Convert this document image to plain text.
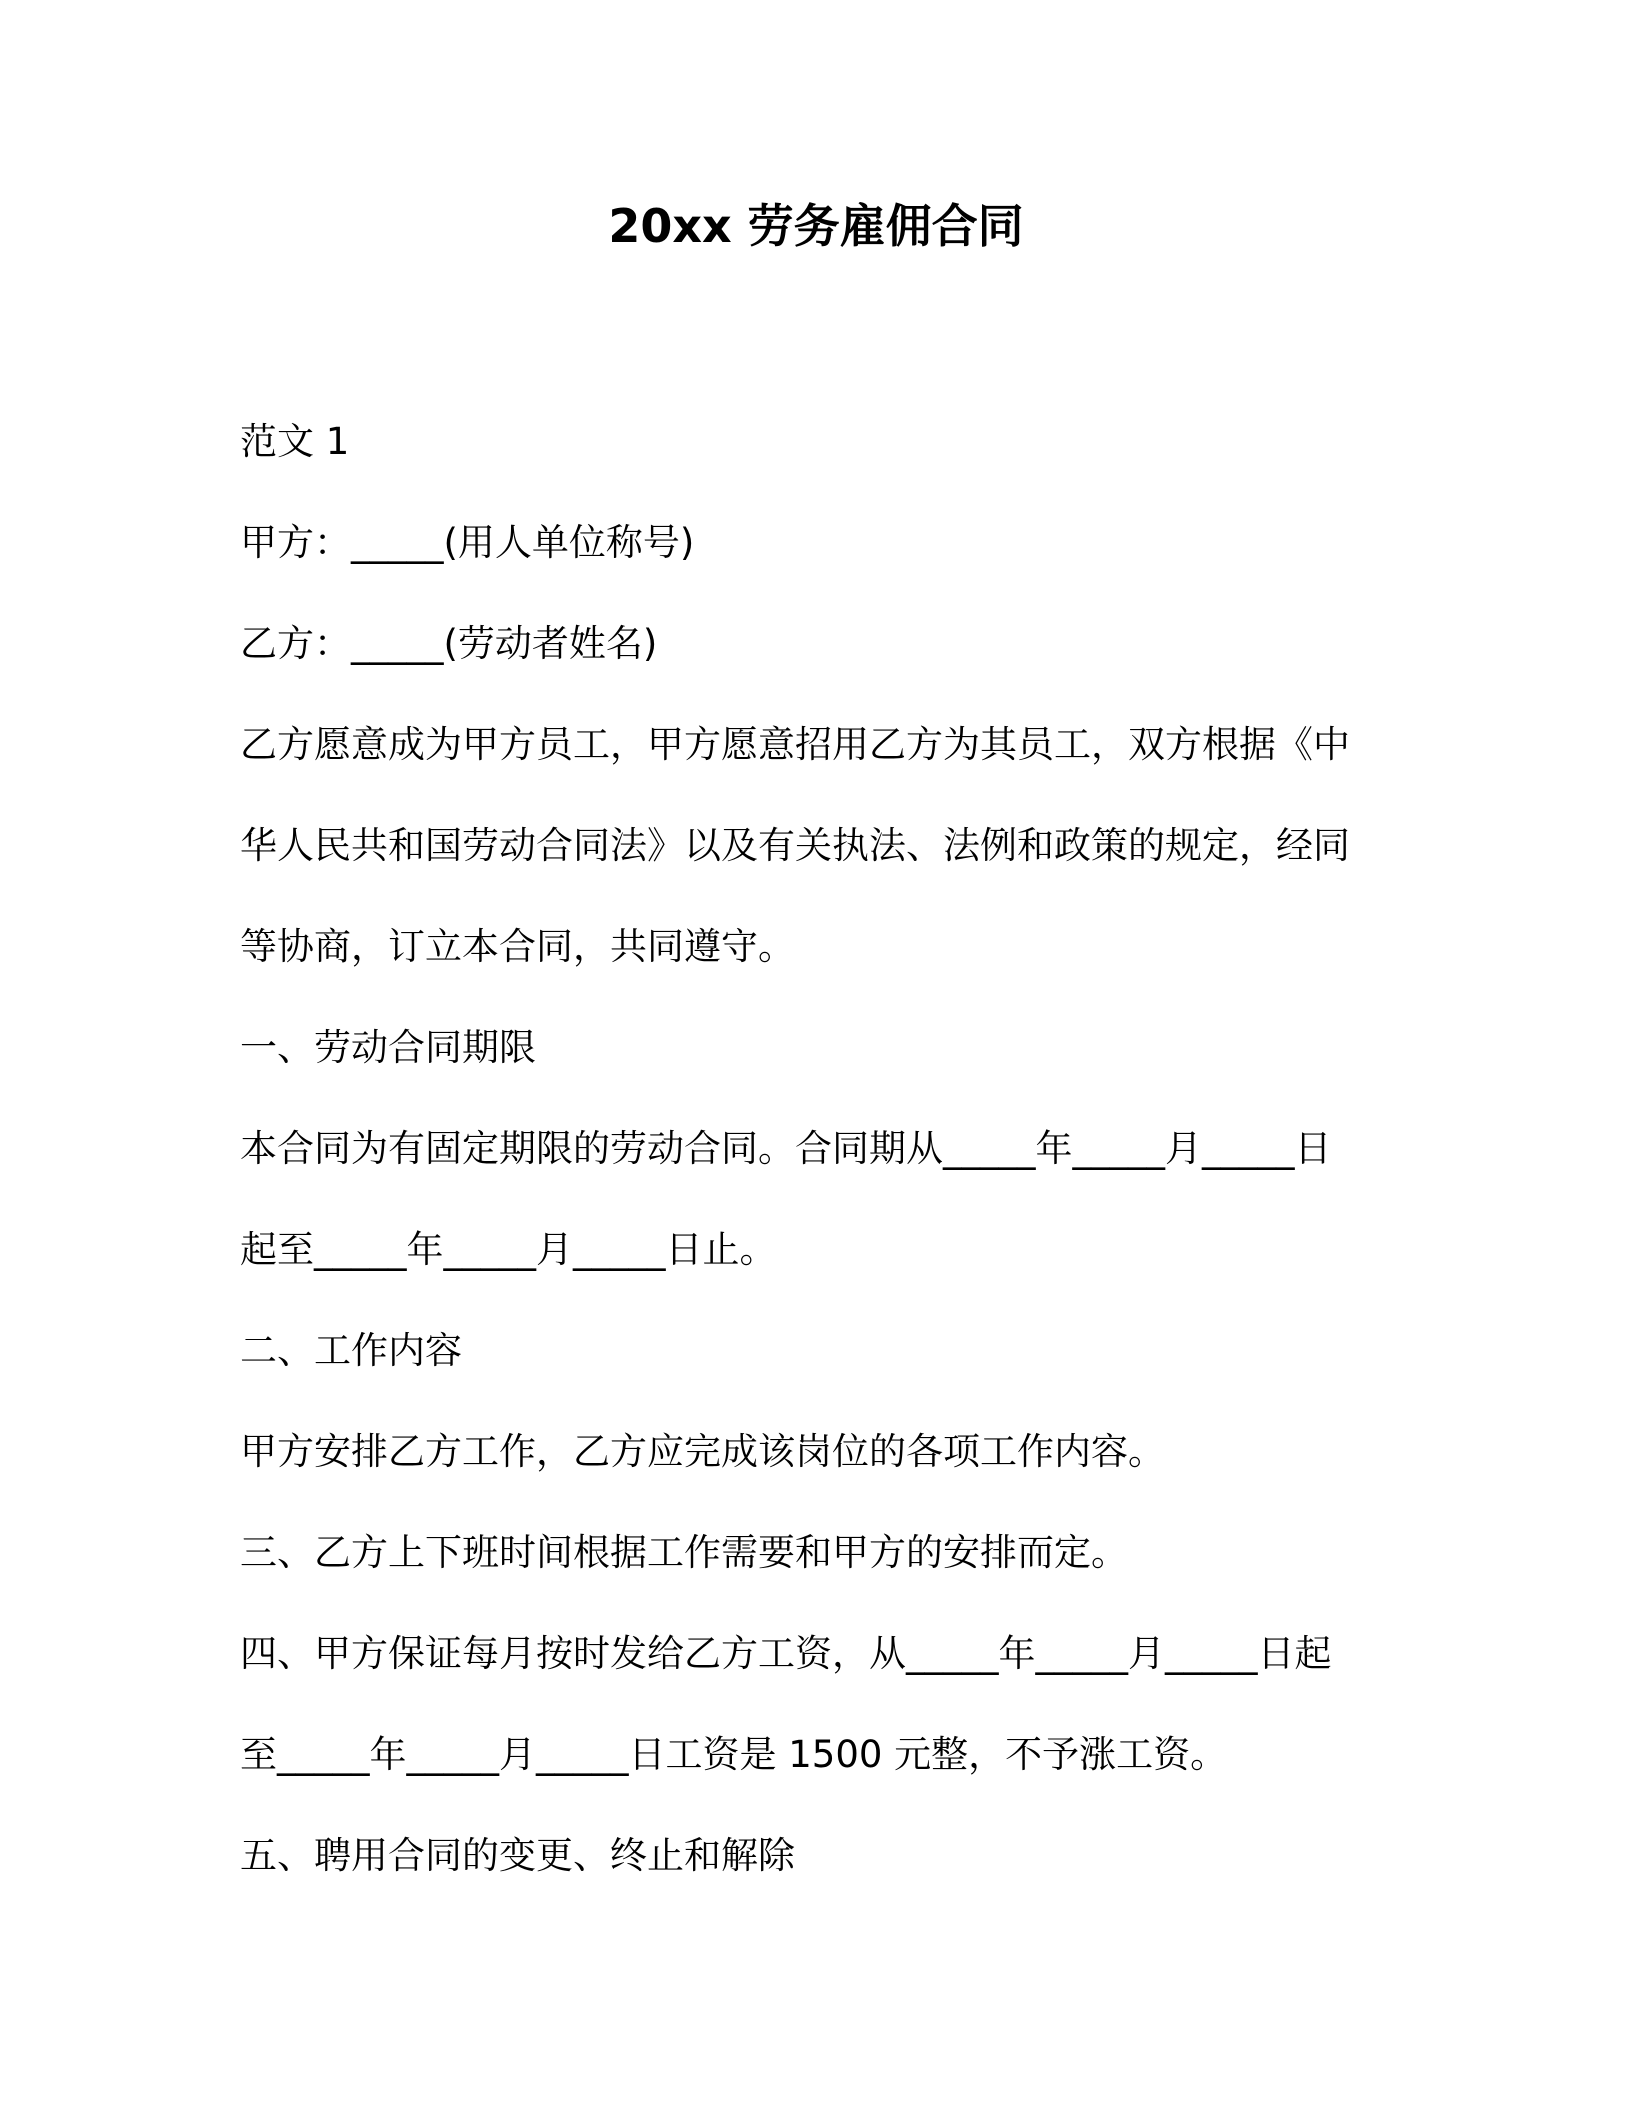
20xx 劳务雇佣合同
范文 1
甲方：_____(用人单位称号)
乙方：_____(劳动者姓名)
乙方愿意成为甲方员工，甲方愿意招用乙方为其员工，双方根据《中
华人民共和国劳动合同法》以及有关执法、法例和政策的规定，经同
等协商，订立本合同，共同遵守。
一、劳动合同期限
本合同为有固定期限的劳动合同。合同期从_____年_____月_____日
起至_____年_____月_____日止。
二、工作内容
甲方安排乙方工作，乙方应完成该岗位的各项工作内容。
三、乙方上下班时间根据工作需要和甲方的安排而定。
四、甲方保证每月按时发给乙方工资，从_____年_____月_____日起
至_____年_____月_____日工资是 1500 元整，不予涨工资。
五、聘用合同的变更、终止和解除
